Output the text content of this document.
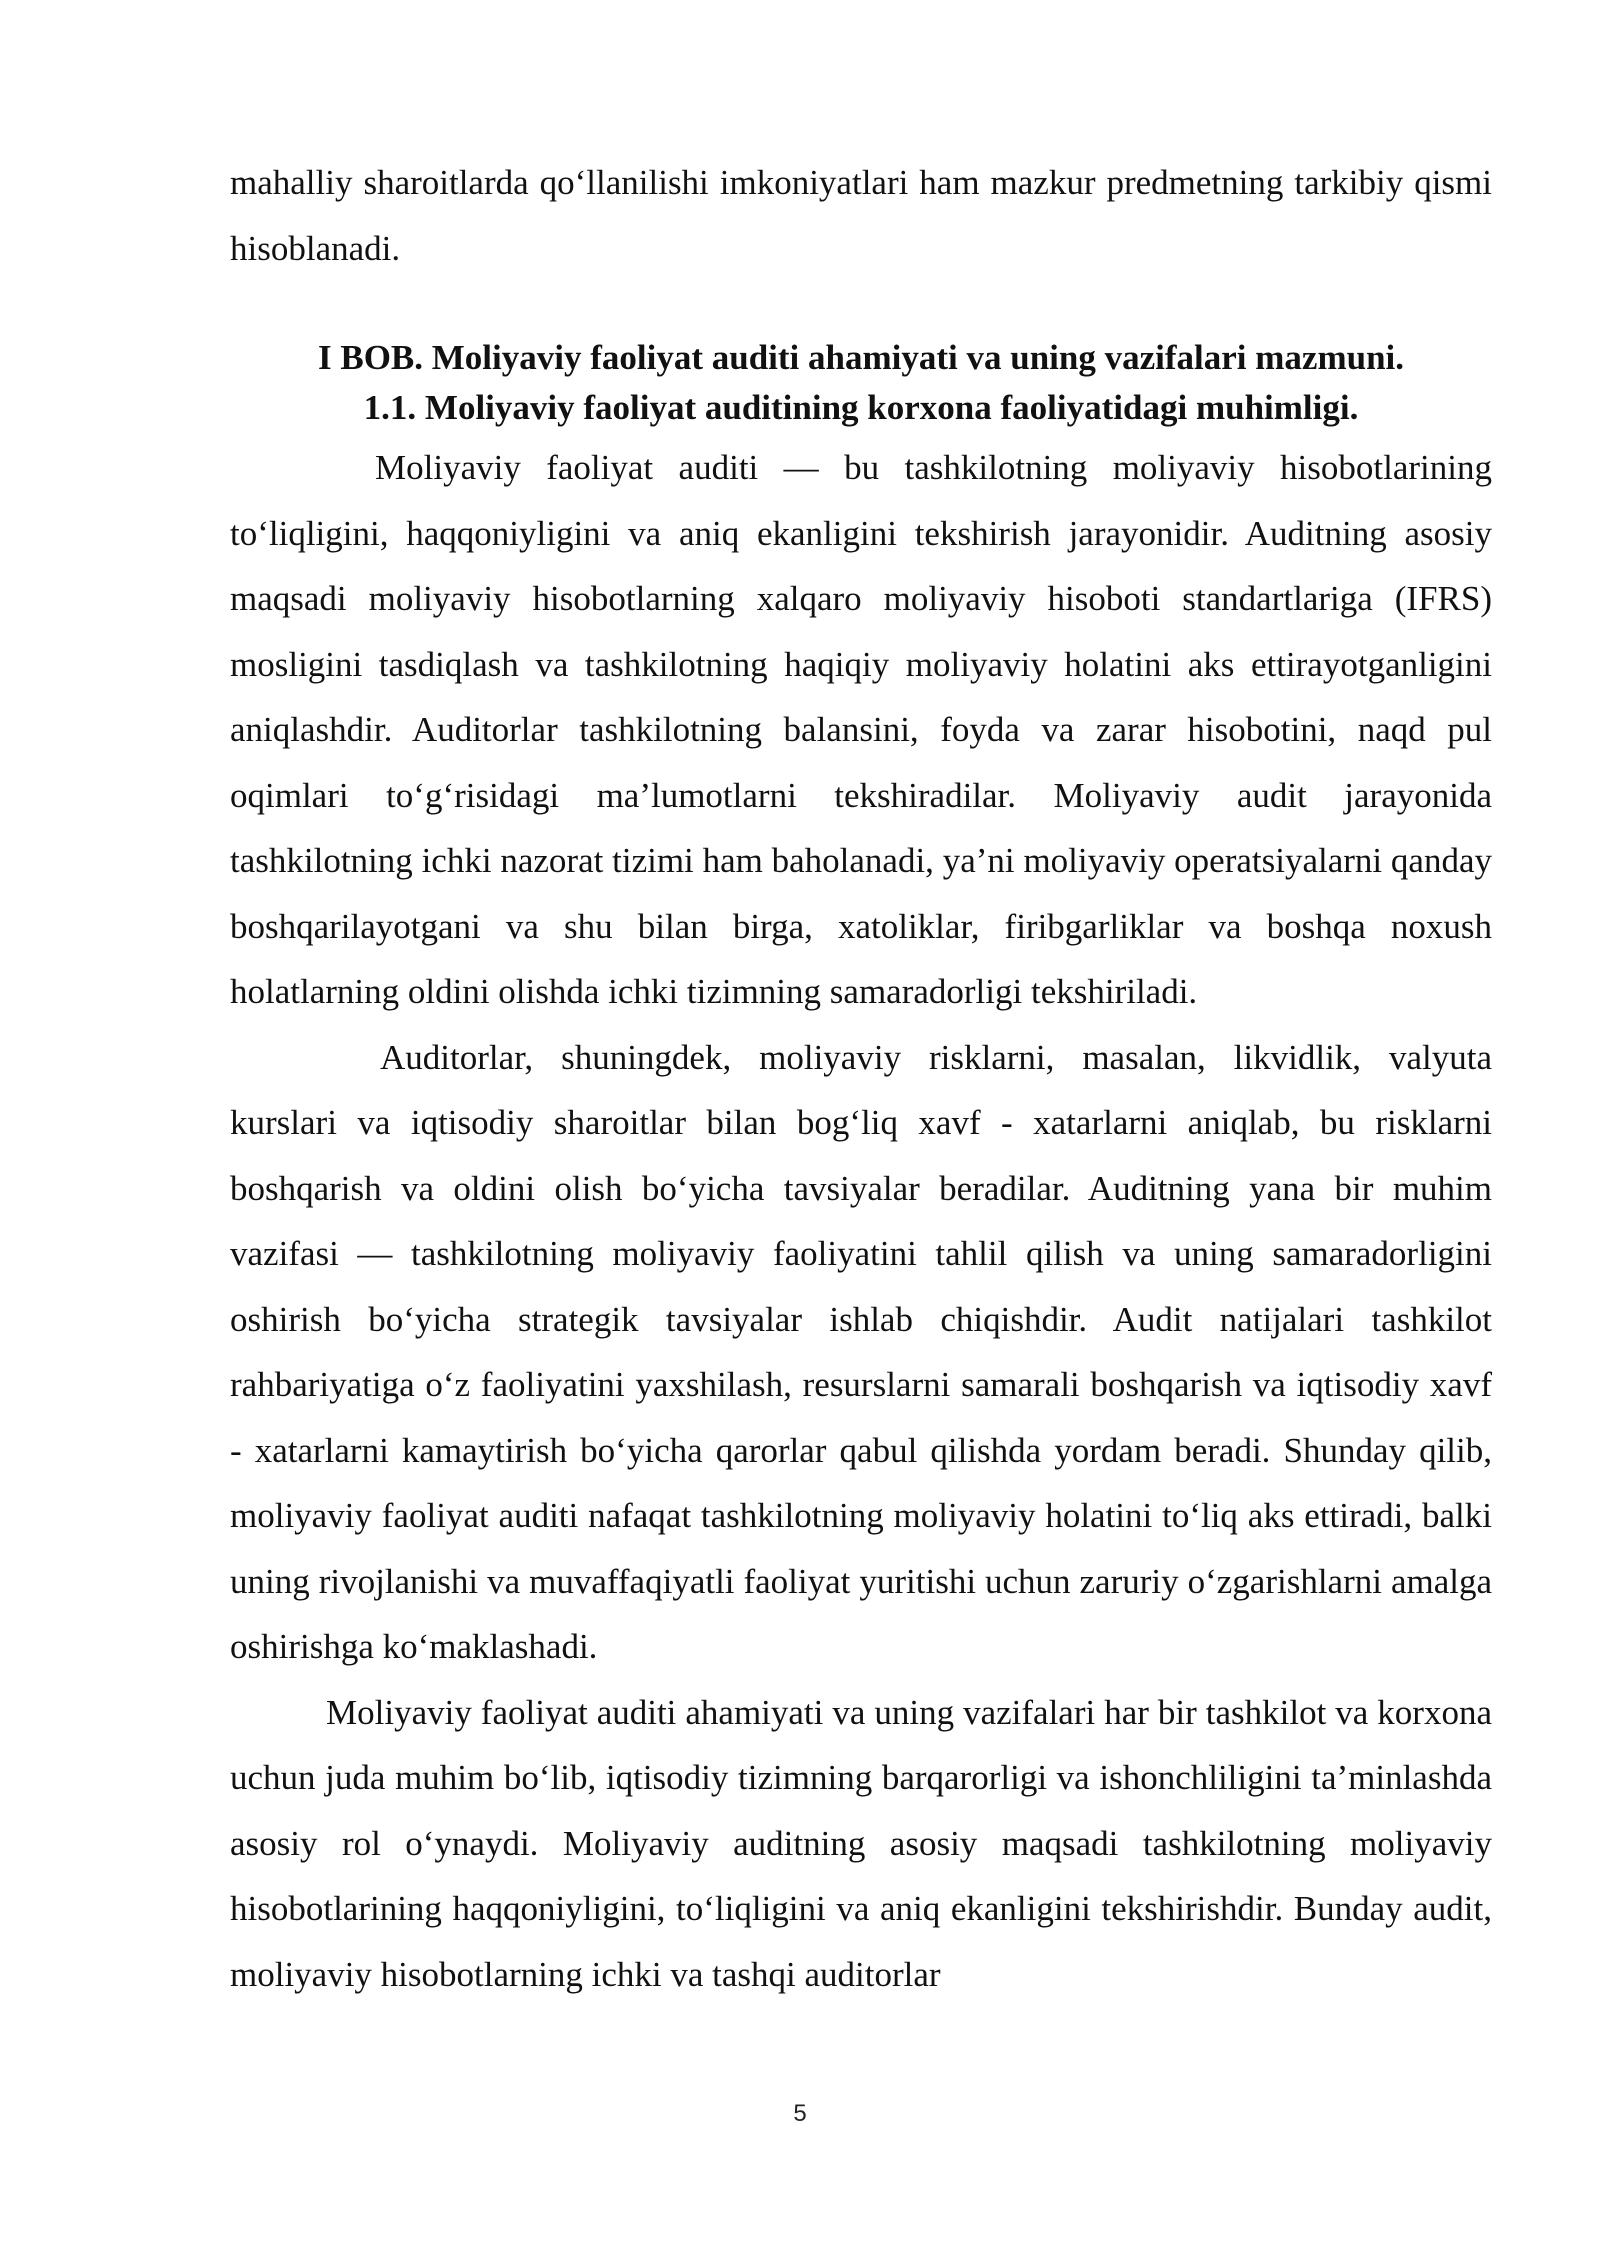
mahalliy sharoitlarda qo‘llanilishi imkoniyatlari ham mazkur predmetning tarkibiy qismi hisoblanadi.

I BOB. Moliyaviy faoliyat auditi ahamiyati va uning vazifalari mazmuni.

1.1. Moliyaviy faoliyat auditining korxona faoliyatidagi muhimligi.

Moliyaviy faoliyat auditi — bu tashkilotning moliyaviy hisobotlarining toʻliqligini, haqqoniyligini va aniq ekanligini tekshirish jarayonidir. Auditning asosiy maqsadi moliyaviy hisobotlarning xalqaro moliyaviy hisoboti standartlariga (IFRS) mosligini tasdiqlash va tashkilotning haqiqiy moliyaviy holatini aks ettirayotganligini aniqlashdir. Auditorlar tashkilotning balansini, foyda va zarar hisobotini, naqd pul oqimlari toʻgʻrisidagi ma’lumotlarni tekshiradilar. Moliyaviy audit jarayonida tashkilotning ichki nazorat tizimi ham baholanadi, ya’ni moliyaviy operatsiyalarni qanday boshqarilayotgani va shu bilan birga, xatoliklar, firibgarliklar va boshqa noxush holatlarning oldini olishda ichki tizimning samaradorligi tekshiriladi.

Auditorlar, shuningdek, moliyaviy risklarni, masalan, likvidlik, valyuta kurslari va iqtisodiy sharoitlar bilan bog‘liq xavf - xatarlarni aniqlab, bu risklarni boshqarish va oldini olish bo‘yicha tavsiyalar beradilar. Auditning yana bir muhim vazifasi — tashkilotning moliyaviy faoliyatini tahlil qilish va uning samaradorligini oshirish bo‘yicha strategik tavsiyalar ishlab chiqishdir. Audit natijalari tashkilot rahbariyatiga o‘z faoliyatini yaxshilash, resurslarni samarali boshqarish va iqtisodiy xavf - xatarlarni kamaytirish bo‘yicha qarorlar qabul qilishda yordam beradi. Shunday qilib, moliyaviy faoliyat auditi nafaqat tashkilotning moliyaviy holatini to‘liq aks ettiradi, balki uning rivojlanishi va muvaffaqiyatli faoliyat yuritishi uchun zaruriy o‘zgarishlarni amalga oshirishga ko‘maklashadi.

Moliyaviy faoliyat auditi ahamiyati va uning vazifalari har bir tashkilot va korxona uchun juda muhim bo‘lib, iqtisodiy tizimning barqarorligi va ishonchliligini ta’minlashda asosiy rol o‘ynaydi. Moliyaviy auditning asosiy maqsadi tashkilotning moliyaviy hisobotlarining haqqoniyligini, to‘liqligini va aniq ekanligini tekshirishdir. Bunday audit, moliyaviy hisobotlarning ichki va tashqi auditorlar

5
